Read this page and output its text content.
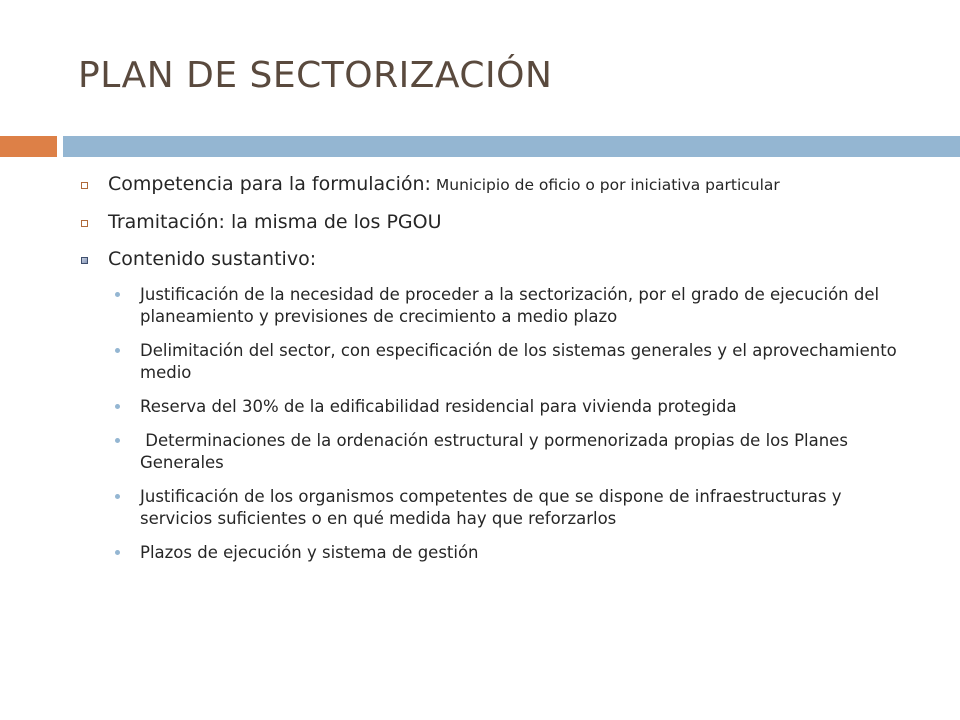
PLAN DE SECTORIZACIÓN
Competencia para la formulación: Municipio de oficio o por iniciativa particular
Tramitación: la misma de los PGOU
Contenido sustantivo:
Justificación de la necesidad de proceder a la sectorización, por el grado de ejecución del planeamiento y previsiones de crecimiento a medio plazo
Delimitación del sector, con especificación de los sistemas generales y el aprovechamiento medio
Reserva del 30% de la edificabilidad residencial para vivienda protegida
Determinaciones de la ordenación estructural y pormenorizada propias de los Planes Generales
Justificación de los organismos competentes de que se dispone de infraestructuras y servicios suficientes o en qué medida hay que reforzarlos
Plazos de ejecución y sistema de gestión
